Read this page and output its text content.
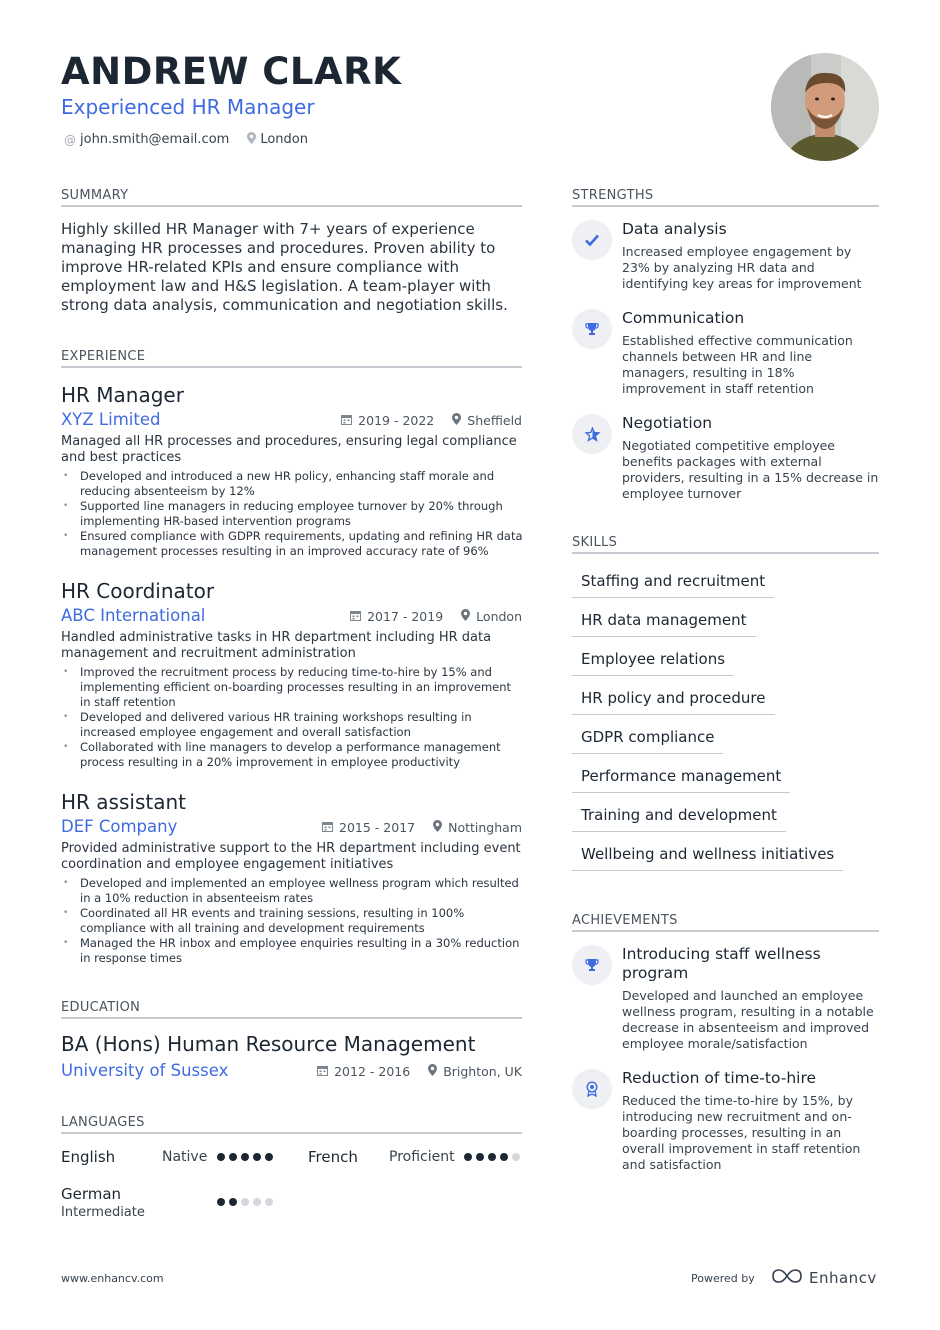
ANDREW CLARK
Experienced HR Manager
@ john.smith@email.com London
SUMMARY
Highly skilled HR Manager with 7+ years of experience managing HR processes and procedures. Proven ability to improve HR-related KPIs and ensure compliance with employment law and H&S legislation. A team-player with strong data analysis, communication and negotiation skills.
EXPERIENCE
HR Manager
XYZ Limited	2019 - 2022	Sheffield
Managed all HR processes and procedures, ensuring legal compliance and best practices
• Developed and introduced a new HR policy, enhancing staff morale and reducing absenteeism by 12%
• Supported line managers in reducing employee turnover by 20% through implementing HR-based intervention programs
• Ensured compliance with GDPR requirements, updating and refining HR data management processes resulting in an improved accuracy rate of 96%
HR Coordinator
ABC International	2017 - 2019	London
Handled administrative tasks in HR department including HR data management and recruitment administration
• Improved the recruitment process by reducing time-to-hire by 15% and implementing efficient on-boarding processes resulting in an improvement in staff retention
• Developed and delivered various HR training workshops resulting in increased employee engagement and overall satisfaction
• Collaborated with line managers to develop a performance management process resulting in a 20% improvement in employee productivity
HR assistant
DEF Company	2015 - 2017	Nottingham
Provided administrative support to the HR department including event coordination and employee engagement initiatives
• Developed and implemented an employee wellness program which resulted in a 10% reduction in absenteeism rates
• Coordinated all HR events and training sessions, resulting in 100% compliance with all training and development requirements
• Managed the HR inbox and employee enquiries resulting in a 30% reduction in response times
EDUCATION
BA (Hons) Human Resource Management
University of Sussex	2012 - 2016	Brighton, UK
LANGUAGES
English	Native	French Proficient
German
Intermediate
STRENGTHS
Data analysis
Increased employee engagement by 23% by analyzing HR data and identifying key areas for improvement
Communication
Established effective communication channels between HR and line managers, resulting in 18% improvement in staff retention
Negotiation
Negotiated competitive employee benefits packages with external providers, resulting in a 15% decrease in employee turnover
SKILLS
Staffing and recruitment
HR data management
Employee relations
HR policy and procedure
GDPR compliance
Performance management
Training and development
Wellbeing and wellness initiatives
ACHIEVEMENTS
Introducing staff wellness program
Developed and launched an employee wellness program, resulting in a notable decrease in absenteeism and improved employee morale/satisfaction
Reduction of time-to-hire
Reduced the time-to-hire by 15%, by introducing new recruitment and on-boarding processes, resulting in an overall improvement in staff retention and satisfaction
www.enhancv.com	Powered by	Enhancv
